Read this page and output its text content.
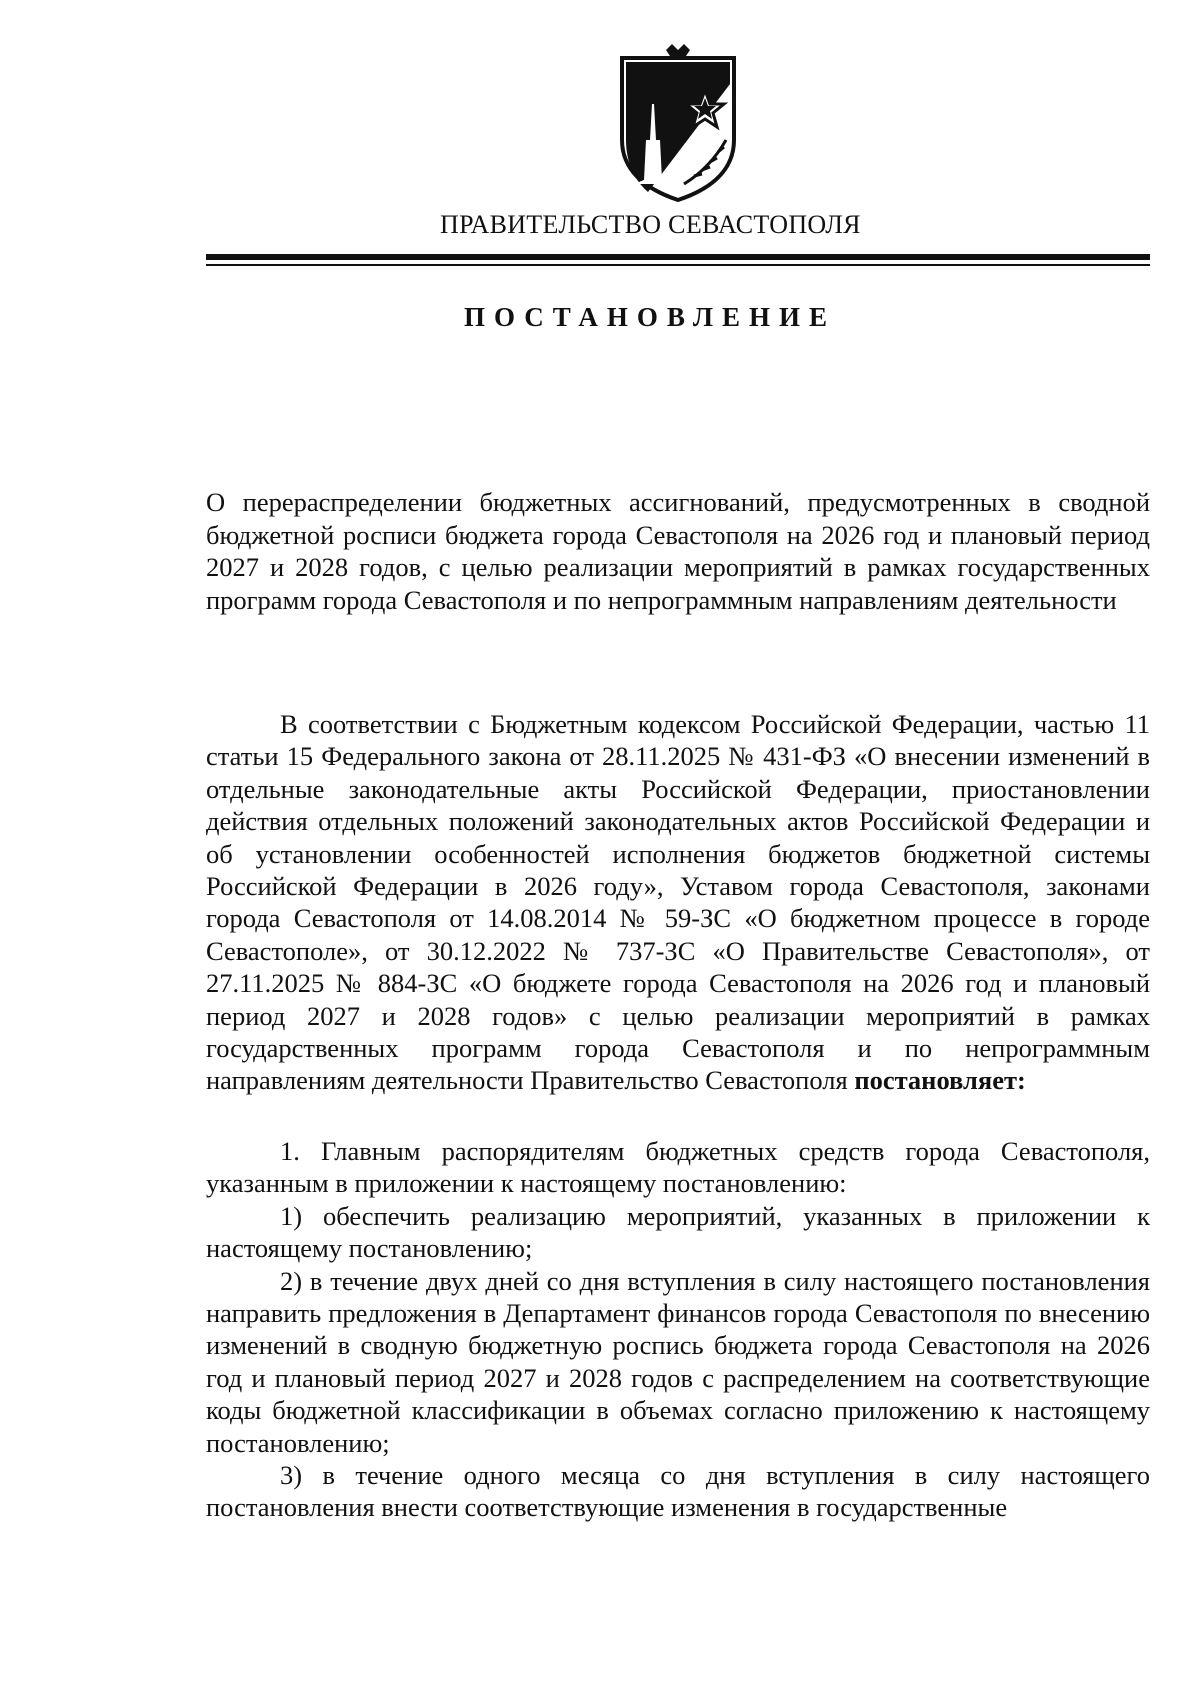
ПРАВИТЕЛЬСТВО СЕВАСТОПОЛЯ
ПОСТАНОВЛЕНИЕ
О перераспределении бюджетных ассигнований, предусмотренных в сводной бюджетной росписи бюджета города Севастополя на 2026 год и плановый период 2027 и 2028 годов, с целью реализации мероприятий в рамках государственных программ города Севастополя и по непрограммным направлениям деятельности

В соответствии с Бюджетным кодексом Российской Федерации, частью 11 статьи 15 Федерального закона от 28.11.2025 № 431-ФЗ «О внесении изменений в отдельные законодательные акты Российской Федерации, приостановлении действия отдельных положений законодательных актов Российской Федерации и об установлении особенностей исполнения бюджетов бюджетной системы Российской Федерации в 2026 году», Уставом города Севастополя, законами города Севастополя от 14.08.2014 № 59-ЗС «О бюджетном процессе в городе Севастополе», от 30.12.2022 № 737-ЗС «О Правительстве Севастополя», от 27.11.2025 № 884-ЗС «О бюджете города Севастополя на 2026 год и плановый период 2027 и 2028 годов» с целью реализации мероприятий в рамках государственных программ города Севастополя и по непрограммным направлениям деятельности Правительство Севастополя постановляет:

1. Главным распорядителям бюджетных средств города Севастополя, указанным в приложении к настоящему постановлению:

1) обеспечить реализацию мероприятий, указанных в приложении к настоящему постановлению;

2) в течение двух дней со дня вступления в силу настоящего постановления направить предложения в Департамент финансов города Севастополя по внесению изменений в сводную бюджетную роспись бюджета города Севастополя на 2026 год и плановый период 2027 и 2028 годов с распределением на соответствующие коды бюджетной классификации в объемах согласно приложению к настоящему постановлению;

3) в течение одного месяца со дня вступления в силу настоящего постановления внести соответствующие изменения в государственные
